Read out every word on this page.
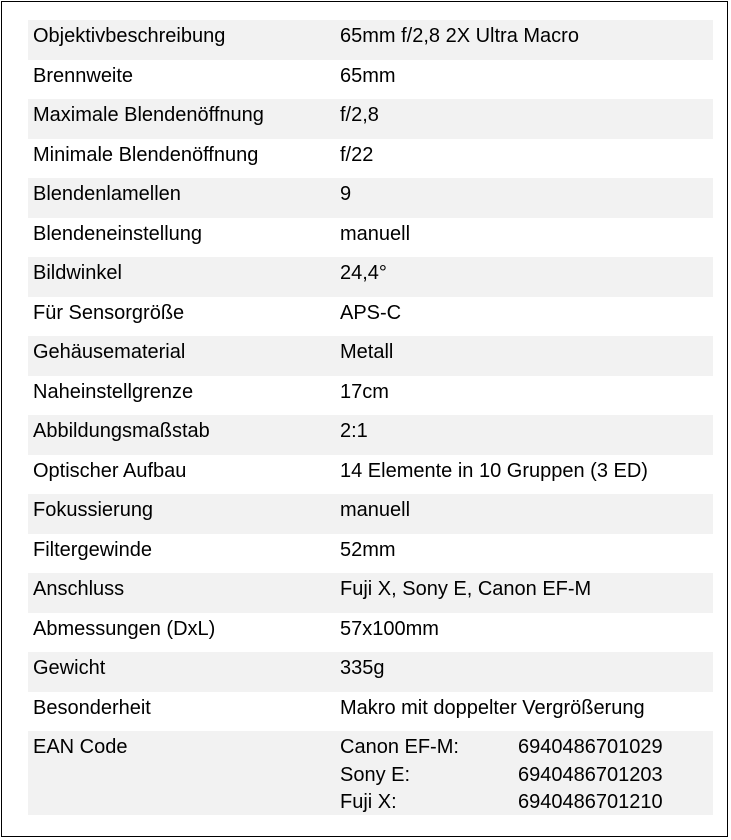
Objektivbeschreibung	65mm f/2,8 2X Ultra Macro
Brennweite	65mm
Maximale Blendenöffnung	f/2,8
Minimale Blendenöffnung	f/22
Blendenlamellen	9
Blendeneinstellung	manuell
Bildwinkel	24,4°
Für Sensorgröße	APS-C
Gehäusematerial	Metall
Naheinstellgrenze	17cm
Abbildungsmaßstab	2:1
Optischer Aufbau	14 Elemente in 10 Gruppen (3 ED)
Fokussierung	manuell
Filtergewinde	52mm
Anschluss	Fuji X, Sony E, Canon EF-M
Abmessungen (DxL)	57x100mm
Gewicht	335g
Besonderheit	Makro mit doppelter Vergrößerung
EAN Code	Canon EF-M:	6940486701029
Sony E:	6940486701203
Fuji X:	6940486701210
